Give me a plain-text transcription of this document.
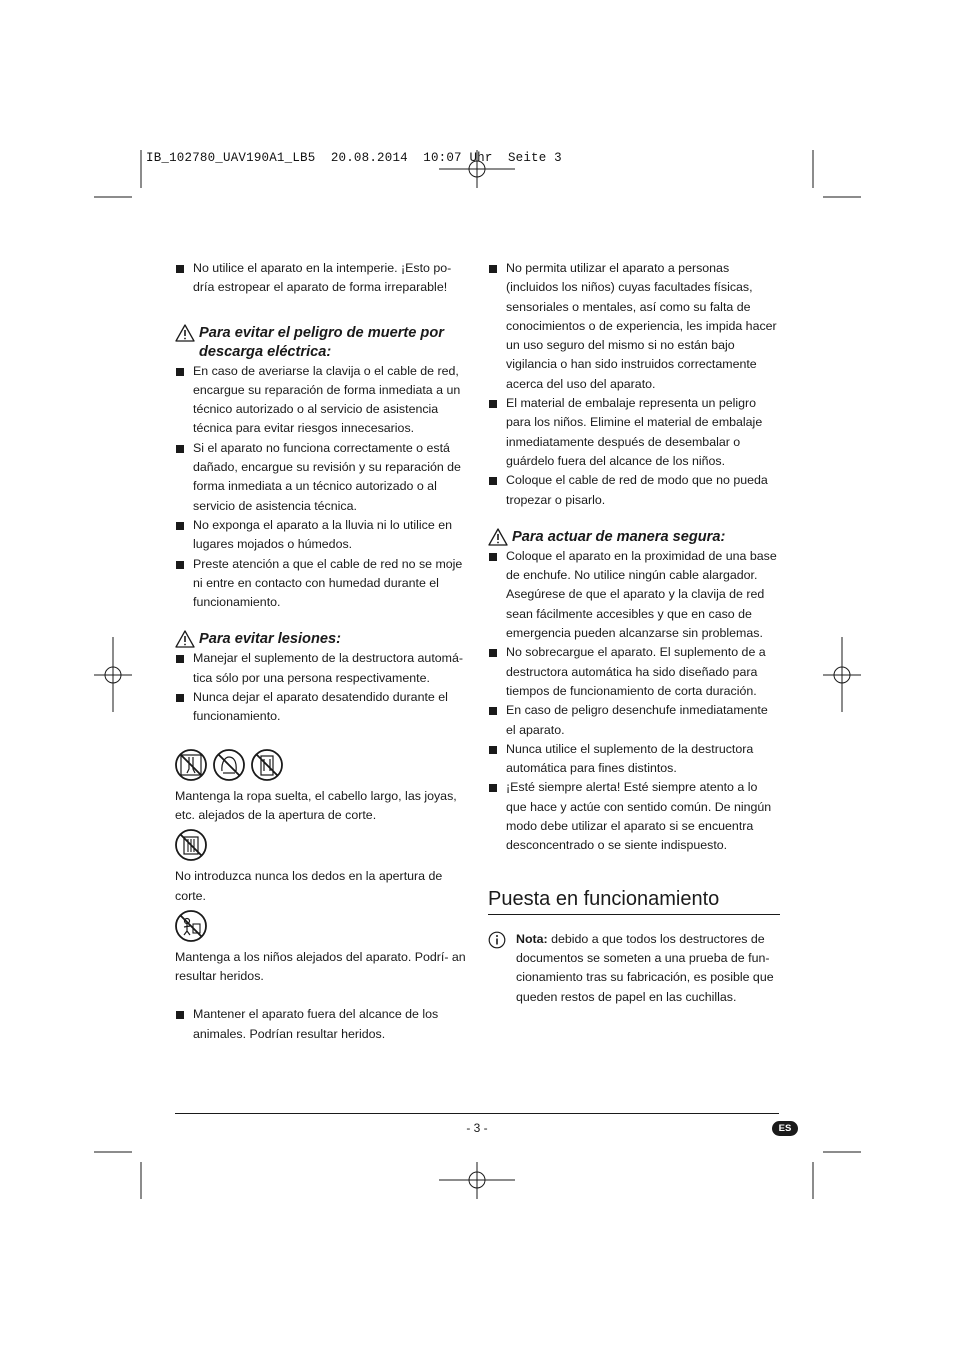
IB_102780_UAV190A1_LB5  20.08.2014  10:07 Uhr  Seite 3
No utilice el aparato en la intemperie. ¡Esto po- dría estropear el aparato de forma irreparable!
Para evitar el peligro de muerte por descarga eléctrica:
En caso de averiarse la clavija o el cable de red, encargue su reparación de forma inmediata a un técnico autorizado o al servicio de asistencia técnica para evitar riesgos innecesarios.
Si el aparato no funciona correctamente o está dañado, encargue su revisión y su reparación de forma inmediata a un técnico autorizado o al servicio de asistencia técnica.
No exponga el aparato a la lluvia ni lo utilice en lugares mojados o húmedos.
Preste atención a que el cable de red no se moje ni entre en contacto con humedad durante el funcionamiento.
Para evitar lesiones:
Manejar el suplemento de la destructora automá- tica sólo por una persona respectivamente.
Nunca dejar el aparato desatendido durante el funcionamiento.

Mantenga la ropa suelta, el cabello largo, las joyas, etc. alejados de la apertura de corte.

No introduzca nunca los dedos en la apertura de corte.

Mantenga a los niños alejados del aparato. Podrí- an resultar heridos.

Mantener el aparato fuera del alcance de los animales. Podrían resultar heridos.
No permita utilizar el aparato a personas (incluidos los niños) cuyas facultades físicas, sensoriales o mentales, así como su falta de conocimientos o de experiencia, les impida hacer un uso seguro del mismo si no están bajo vigilancia o han sido instruidos correctamente acerca del uso del aparato.
El material de embalaje representa un peligro para los niños. Elimine el material de embalaje inmediatamente después de desembalar o guárdelo fuera del alcance de los niños.
Coloque el cable de red de modo que no pueda tropezar o pisarlo.
Para actuar de manera segura:
Coloque el aparato en la proximidad de una base de enchufe. No utilice ningún cable alargador. Asegúrese de que el aparato y la clavija de red sean fácilmente accesibles y que en caso de emergencia pueden alcanzarse sin problemas.
No sobrecargue el aparato. El suplemento de a destructora automática ha sido diseñado para tiempos de funcionamiento de corta duración.
En caso de peligro desenchufe inmediatamente el aparato.
Nunca utilice el suplemento de la destructora automática para fines distintos.
¡Esté siempre alerta! Esté siempre atento a lo que hace y actúe con sentido común. De ningún modo debe utilizar el aparato si se encuentra desconcentrado o se siente indispuesto.
Puesta en funcionamiento
Nota: debido a que todos los destructores de documentos se someten a una prueba de fun- cionamiento tras su fabricación, es posible que queden restos de papel en las cuchillas.
- 3 -	ES
